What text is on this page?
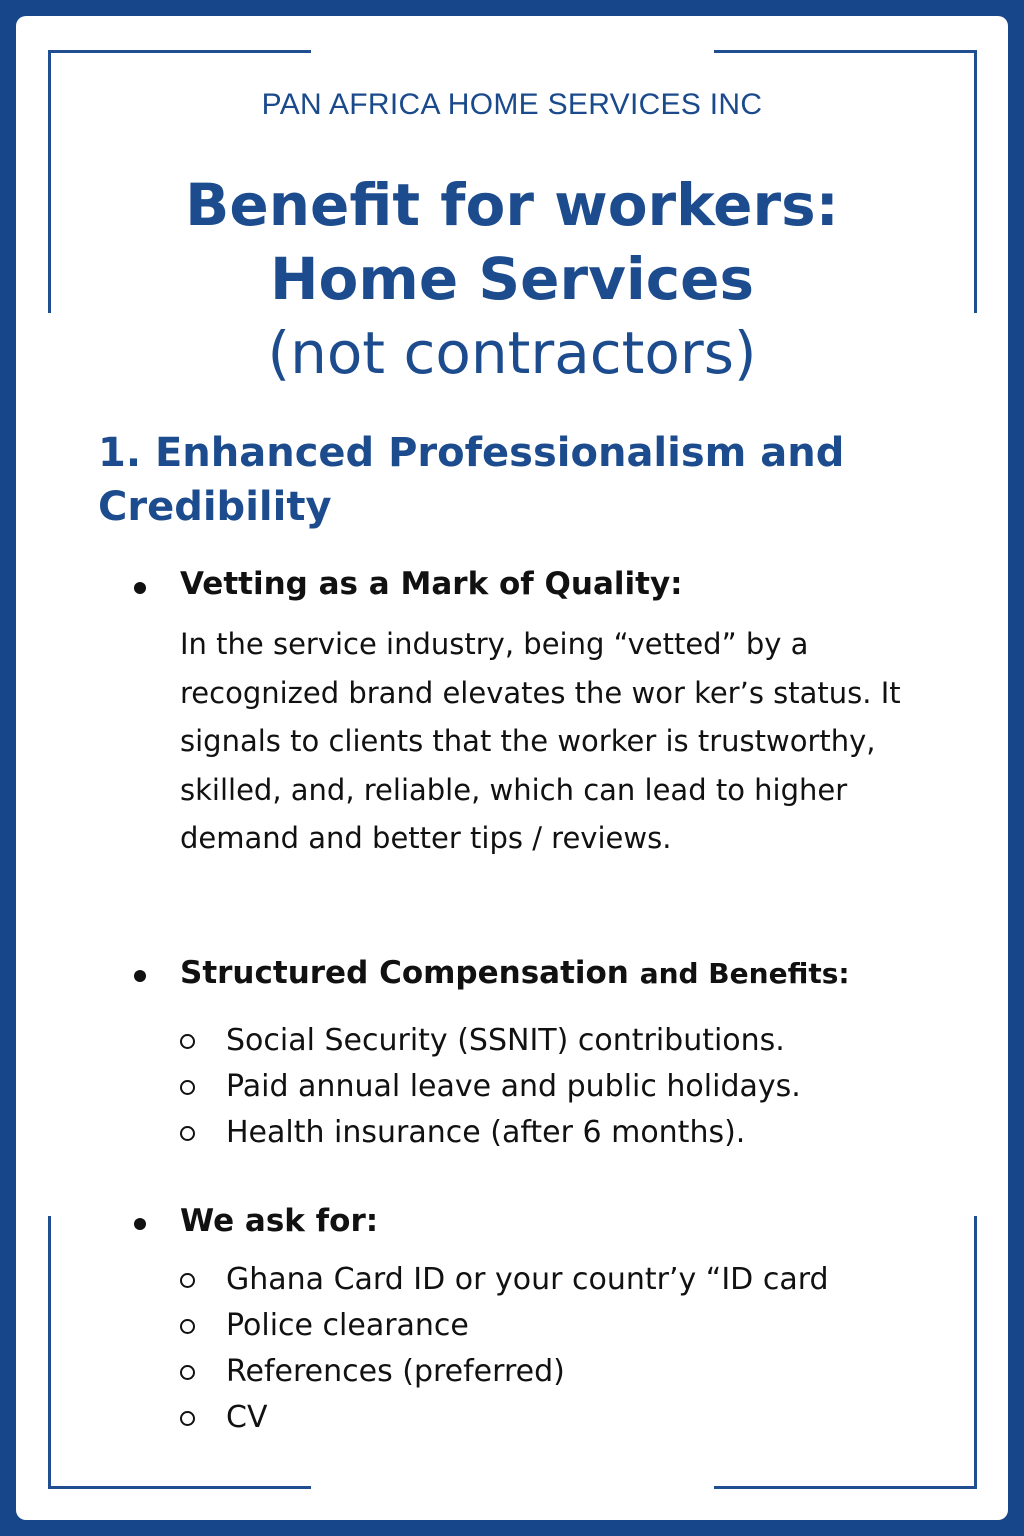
PAN AFRICA HOME SERVICES INC
Benefit for workers:
Home Services
(not contractors)
1. Enhanced Professionalism and Credibility
Vetting as a Mark of Quality:

In the service industry, being “vetted” by a recognized brand elevates the wor ker’s status. It signals to clients that the worker is trustworthy, skilled, and, reliable, which can lead to higher demand and better tips / reviews.

Structured Compensation and Benefits:
Social Security (SSNIT) contributions.
Paid annual leave and public holidays.
Health insurance (after 6 months).
We ask for:
Ghana Card ID or your countr’y “ID card
Police clearance
References (preferred)
CV
